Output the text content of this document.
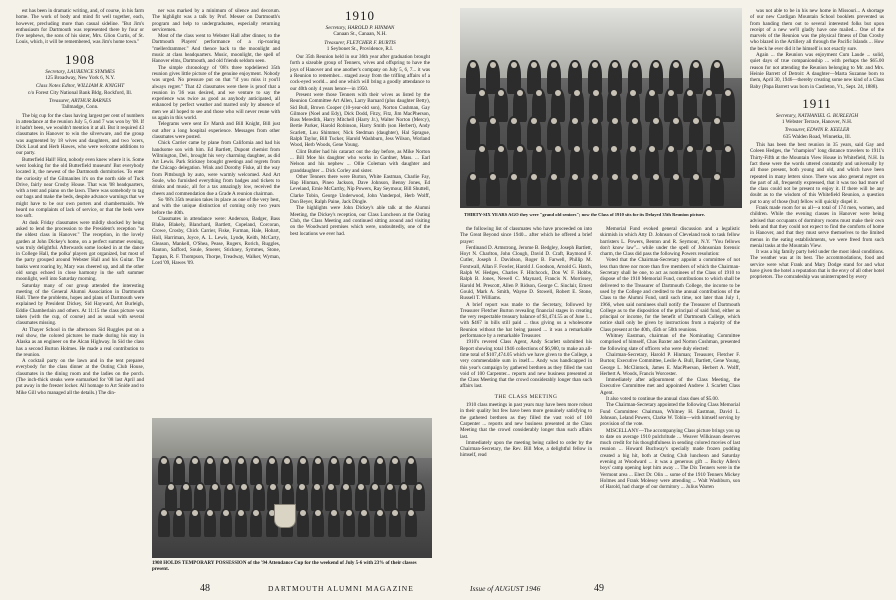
est has been in dramatic writing, and, of course, in his farm home. The work of body and mind fit well together, each, however, precluding more than casual sideline. "But Jim's enthusiasm for Dartmouth was represented there by four or five nephews, the sons of his sister, Mrs. Glion Curtis, of St. Louis, which, it will be remembered, was Jim's home town."

1908
Secretary, LAURENCE SYMMES
125 Broadway, New York 6, N.Y.
Class Notes Editor, WILLIAM R. KNIGHT
c/o Forest City National Bank Bldg. Rockford, Ill.
Treasurer, ARTHUR BARNES
Tallmadge, Conn.

The big cup for the class having largest per cent of numbers in attendance at the reunion July 5, 6 and 7 was won by '08. If it hadn't been, we wouldn't mention it at all. But it required 43 classmates in Hanover to win the silverware, and the group was augmented by 18 wives and daughters, and two 'ocers, Dick Loud and Herb Hawes, who were welcome additions to our party.

Butterfield Hall! Hint, nobody even knew where it is. Some went looking for the old Butterfield museum! But everybody located it, the newest of the Dartmouth dormitories. To enter the curiosity of the Gilmanites it's on the north side of Tuck Drive, fairly near Crosby House. That was '08 headquarters, with a tent and piano on the lawn. There was somebody to tag our bags and make the beds, despite advance warnings that we might have to be our own porters and chambermaids. We heard no complaints of lack of service, or that the beds were too soft.

At dusk Friday classmates were mildly shocked by being asked to lend the procession to the President's reception "as the oldest class in Hanover." The reception, in the lovely garden at John Dickey's home, on a perfect summer evening, was truly delightful. Afterwards some looked in at the dance in College Hall, the polka' players got organized, but most of the party grouped around Webster Hall and his Guitar. The banks went roaring by, Mary was cheered up, and all the other old songs echoed in close harmony in the soft summer moonlight, well into Saturday morning.

Saturday many of our group attended the interesting meeting of the General Alumni Association in Dartmouth Hall. There the problems, hopes and plans of Dartmouth were explained by President Dickey, Sid Hayward, Art Burleigh, Eddie Chamberlain and others. At 11:15 the class picture was taken (with the cup, of course) and as usual with several classmates missing.

At Thayer School in the afternoon Sid Ruggles put on a real show, the colored pictures he made during his stay in Alaska as an engineer on the Alcan Highway. In Sid the class has a second Burton Holmes. He made a real contribution to the reunion.

A cocktail party on the lawn and in the tent prepared everybody for the class dinner at the Outing Club House, classmates in the dining room and the ladies on the porch. (The inch-thick steaks were earmarked for '08 last April and put away in the freezer locker. All homage to Art Snide and to Mike Gill who managed all the details.) The din-

ner was marked by a minimum of silence and decorum. The highlight was a talk by Prof. Messer on Dartmouth's program and help to undergraduates, especially returning servicemen.

Most of the class went to Webster Hall after dinner, to the Dartmouth Players' performance of a rip-roaring "mellerdrammer." And thence back to the moonlight and music at class headquarters. Music, moonlight, the spell of Hanover elms, Dartmouth, and old friends seldom seen.

The simple chronology of '08's three topdeliered 35th reunion gives little picture of the genuine enjoyment. Nobody was urged. No pressure put on that "if you miss it you'll always regret." That 42 classmates were there is proof that a reunion in '36 was desired, and we venture to say the experience was twice as good as anybody anticipated, all enhanced by perfect weather and marred only by absence of men we all hoped to see and those who will never reune with us again in this world.

Telegrams were sent Ev Marsh and Bill Knight, Bill just out after a long hospital experience. Messages from other classmates were posted.

Chick Carrier came by plane from California and had his handsome son with him. Ed Bartlett, Dupont chemist from Wilmington, Del., brought his very charming daughter, as did Art Lewis. Park Stickney brought greetings and regrets from the Chicago delegation. Wink and Dorothy Fiske, all the way from Pittsburgh by auto, were warmly welcomed. And Art Soule, who furnished everything from badges and tickets to drinks and music, all for a tax amazingly low, received the cheers and commendation due a Grade A reunion chairman.

So '08's 35th reunion takes its place as one of the very best, and with the unique distinction of coming only two years before the 40th.

Classmates in attendance were: Anderson, Badger, Bass Blake, Blakely, Blanchard, Bartlett, Copeland, Corcoran, Crowe, Crosby, Chick Carrier, Fiske, Furman, Hale, Hobart, Holl, Harriman, Joyce, A. L. Lewis, Lynde, Keith, McCarty, Gleason, Mankell, O'Shea, Pease, Rogers, Rorich, Ruggles, Rauton, Safford, Soule, Stoerer, Stickney, Symmes, Stone, Tappan, R. F. Thompson, Thorpe, Treadway, Walker, Wyman, Lord '09, Hawes '09.

1910
Secretary, HAROLD P. HINMAN
Canaan St., Canaan, N.H.
Treasurer, FLETCHER F. BURTIS
1 Seybonet St., Providence, R.I.

Our 35th Reunion held in our 36th year after graduation brought forth a sizeable group of Tenners, wives and offspring to have the joys of Hanover and one another's company on July 5, 6, 7... it was a Reunion to remember... staged away from the trifling affairs of a cock-eyed world... and one which will bring a goodly attendance to our 40th only 4 years hence—in 1950.

Present were those Tenners with their wives as listed by the Reunion Committee Art Allen, Larry Barnard (plus daughter Betty), Sid Bull, Brown Cooper (10-year-old son), Norton Cushman, Gay Gilmore (Noel and Edy), Dick Dodd, Fitzy, Fitz, Jim MacPherson, Russ Meredith, Harry Mitchell (Harry Jr.), Walter Norton (Mercy), Bertie Parker, Harold Robinson, Harry Smith (son Herbert), Andy Scarlett, Lou Shimmer, Nick Stedman (daughter), Hal Sprague, Ralph Taylor, Bill Tucker, Harold Washburn, Jess Wilson, Worland Wood, Herb Woods, Gene Young.

Clint Butler had his cataract out the day before, as Mike Norton ... Bill Moe his daughter who works in Gardner, Mass. ... Earl Nelson and his nephew ... Ollie Coleman with daughter and granddaughter ... Dick Corley and sister.

Other Tenners there were Burton, White Eastman, Charlie Fay, Hap Hinman, Pineo Jackson, Dave Johnson, Benny Jones, Ed Leveland, Ernie McCarthy, Nip Powers, Ray Seymour, Bill Shuttell, Clarke Tobin, George Underwood, John Vanderpol, Herb Wolff, Don Beyer, Ralph Paine, Jack Dingle.

The highlights were John Dickey's able talk at the Alumni Meeting, the Dickey's reception, our Class Luncheon at the Outing Club, the Class Meeting and continued sitting around and visiting on the Woodward premises which were, undoubtedly, one of the best locations we ever had.

1908 HOLDS TEMPORARY POSSESSION of the '94 Attendance Cup for the weekend of July 5-6 with 23% of their classes present.
48	DARTMOUTH ALUMNI MAGAZINE
THIRTY-SIX YEARS AGO they were "grand old seniors"; now the Class of 1910 sits for its Delayed 35th Reunion picture.

the following list of classmates who have proceeded on into The Great Beyond since 1940... after which he offered a brief prayer:

Ferdinand D. Armstrong, Jerome B. Bedgley, Joseph Bartlett, Hoyt N. Charlton, John Clough, David D. Craft, Raymond F. Cutler, Joseph J. Davidson, Roger B. Farwell, Phillip M. Forstwall, Allan F. Fowler, Harold J. Goodson, Arnold G. Hatch, Ralph W. Hedges, Charles F. Hitchcock, Don W. F. Hobbs, Ralph B. Jones, Newell C. Maynard, Francis N. Morrissey, Harold M. Prescott, Allen P. Ridson, George C. Sinclair, Ernest Gould, Mark A. Smith, Wayne D. Stowell, Robert E. Stone, Russell T. Williams.

A brief report was made to the Secretary, followed by Treasurer Fletcher Burton revealing financial stages in creating the very respectable treasury balance of $1,474.55 as of June 1... with $467 in bills still paid ... thus giving us a wholesome Reunion without the hat being passed ... it was a remarkable performance by a remarkable Treasurer.

1910's revered Class Agent, Andy Scarlett submitted his Report showing total 1946 collections of $6,980, to make an all-time total of $107,474.05 which we have given to the College, a very commendable sum in itself.... Andy was handicapped in this year's campaign by gathered brethren as they filled the vast void of 100 Carpenter... reports and new business presented at the Class Meeting that the crowd considerably longer than such affairs last.

THE CLASS MEETING

1910 class meetings in past years may have been more robust in their quality but few have been more genuinely satisfying to the gathered brethren as they filled the vast void of 100 Carpenter ... reports and new business presented at the Class Meeting that the crowd considerably longer than such affairs last.

Immediately upon the meeting being called to order by the Chairman-Secretary, the Rev. Bill Moe, a delightful fellow in himself, read

Memorial Fund evoked general discussion and a legalistic skirmish in which Atty D. Johnson of Cleveland took to task fellow barristers L. Powers, Benton and R. Seymour, N.Y. "You fellows don't know law"... while under the spell of Johnsonian forensic charm, the Class did pass the following Powers resolution:

Voted that the Chairman-Secretary appoint a committee of not less than three nor more than five members of which the Chairman-Secretary shall be one, to act as nominees of the Class of 1910 to dispose of the 1910 Memorial Fund, contributions to which shall be delivered to the Treasurer of Dartmouth College, the income to be used by the College and credited to the annual contributions of the Class to the Alumni Fund, until such time, not later than July 1, 1966, when said nominees shall notify the Treasurer of Dartmouth College as to the disposition of the principal of said fund, either as principal or income, for the benefit of Dartmouth College, which notice shall only be given by instructions from a majority of the Class present at the 40th, 45th or 50th reunions.

Whitney Eastman, chairman of the Nominating Committee comprised of himself, Chas Baxter and Norton Cushman, presented the following slate of officers who were duly elected:

Chairman-Secretary, Harold P. Hinman; Treasurer, Fletcher F. Burton; Executive Committee, Leslie A. Bull, Bartlett, Gene Young, George L. McClintock, James E. MacPherson, Herbert A. Wolff, Herbert A. Woods, Francis Worcester.

Immediately after adjournment of the Class Meeting, the Executive Committee met and appointed Andrew J. Scarlett Class Agent.

It also voted to continue the annual class dues of $5.00.

The Chairman-Secretary appointed the following Class Memorial Fund Committee: Chairman, Whitney H. Eastman, David L. Johnson, Leland Powers, Clarke W. Tobin—with himself serving by provision of the vote.

MISCELLANY—The accompanying Class picture brings you up to date on average 1910 pulchritude ... Weaver Wilkinson deserves much credit for his thoughtfulness in sending colored movies of last reunion ... Howard Buchway's specially made frozen pudding created a big hit, both at Outing Club luncheon and Saturday evening at Woodward ... it was a generous gift ... Bucky Allen's boys' camp opening kept him away ... The Dix Tenners were in the Vermont area ... Elect Dr. Olin ... some of the 1910 Tenners Mickey Holmes and Frank Molesey were attending ... Walt Washburn, son of Harold, had charge of our dormitory ... Julius Warren

was not able to be in his new home in Missouri... A shortage of our new Cardigan Mountain School booklets prevented us from handing them out to several interested folks but upon receipt of a new we'll gladly have one mailed... One of the marvels of the Reunion was the physical fitness of Dan Crosby who blazed in the Artillery all through the Pacific Islands ... How the beck he ever did it he himself is not exactly sure.

Again ... the Reunion was enjoyment Cum Laude ... solid, quiet days of true companionship ... with perhaps the $65.00 reason for not attending the Reunion belonging to Mr. and Mrs. Heinie Barrett of Detroit: A daughter—Marta Suzanne born to them, April 30, 1946—thereby creating some new kind of a Class Baby (Papa Barrett was born in Castleton, Vt., Sept. 24, 1888).

1911
Secretary, NATHANIEL G. BURLEIGH
1 Webster Terrace, Hanover, N.H.
Treasurer, EDWIN R. KEELER
635 Walden Road, Winnetka, Ill.

This has been the best reunion in 35 years, said Gay and Coleen Hedges, the "champion" long distance travelers to 1911's Thirty-Fifth at the Mountain View House in Whitefield, N.H. In fact these were the words uttered constantly and universally by all those present, both young and old, and which have been repeated in many letters since. There was also general regret on the part of all, frequently expressed, that it was too bad more of the class could not be present to enjoy it. If there will be any doubt as to the wisdom of this Whitefield Reunion, a question put to any of those (but) fellow will quickly dispel it.

Frank made room for us all—a total of 174 men, women, and children. While the evening classes in Hanover were being advised that occupants of dormitory rooms must make their own beds and that they could not expect to find the comforts of home in Hanover, and that they must serve themselves to the limited menus in the eating establishments, we were freed from such menial tasks at the Mountain View.

It was a big family party held under the most ideal conditions. The weather was at its best. The accommodations, food and service were what Frank and Mary Dodge stand for and what have given the hotel a reputation that is the envy of all other hotel proprietors. The comradeship was uninterrupted by every

Issue of AUGUST 1946	49
